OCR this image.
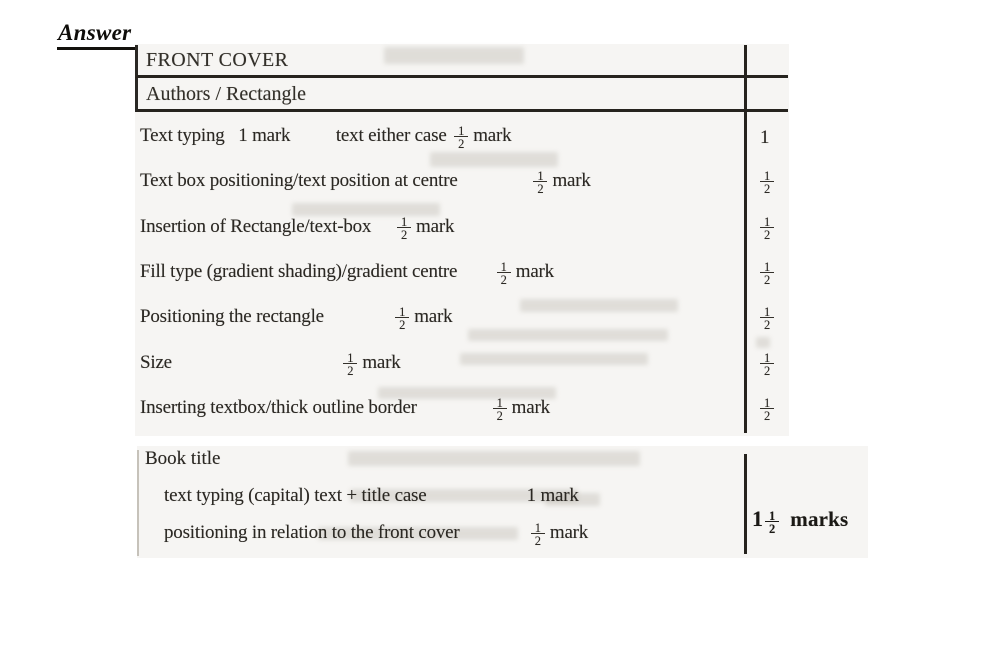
Answer
FRONT COVER
Authors / Rectangle
Text typing   1 mark          text either case $\frac{1}{2}$ mark	1
Text box positioning/text position at centre $\frac{1}{2}$ mark	$\frac{1}{2}$
Insertion of Rectangle/text-box $\frac{1}{2}$ mark	$\frac{1}{2}$
Fill type (gradient shading)/gradient centre $\frac{1}{2}$ mark	$\frac{1}{2}$
Positioning the rectangle $\frac{1}{2}$ mark	$\frac{1}{2}$
Size $\frac{1}{2}$ mark	$\frac{1}{2}$
Inserting textbox/thick outline border $\frac{1}{2}$ mark	$\frac{1}{2}$
Book title
text typing (capital) text + title case                      1 mark
positioning in relation to the front cover $\frac{1}{2}$ mark
$1 \frac{1}{2}$ marks
